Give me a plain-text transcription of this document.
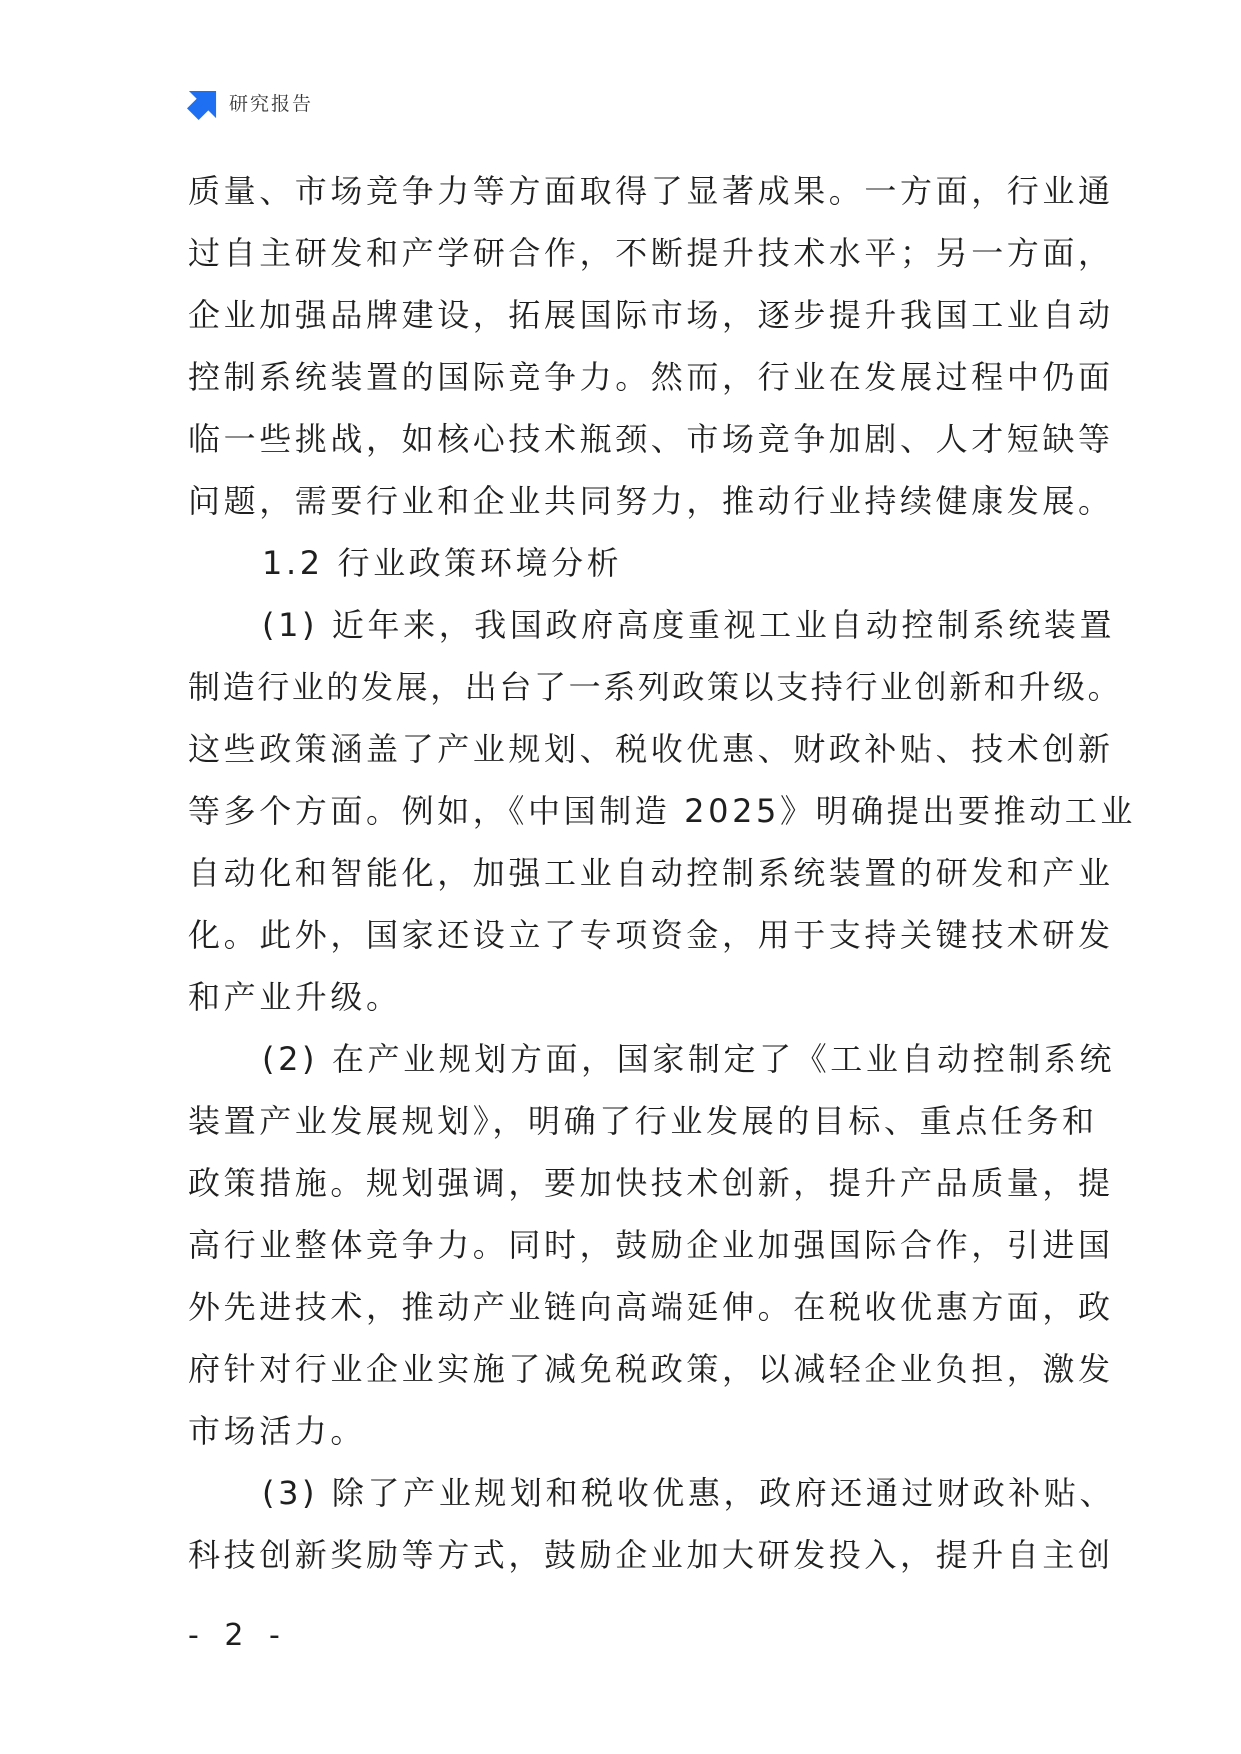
研究报告
质量、市场竞争力等方面取得了显著成果。一方面，行业通
过自主研发和产学研合作，不断提升技术水平；另一方面，
企业加强品牌建设，拓展国际市场，逐步提升我国工业自动
控制系统装置的国际竞争力。然而，行业在发展过程中仍面
临一些挑战，如核心技术瓶颈、市场竞争加剧、人才短缺等
问题，需要行业和企业共同努力，推动行业持续健康发展。
1.2 行业政策环境分析
(1) 近年来，我国政府高度重视工业自动控制系统装置
制造行业的发展，出台了一系列政策以支持行业创新和升级。
这些政策涵盖了产业规划、税收优惠、财政补贴、技术创新
等多个方面。例如，《中国制造 2025》明确提出要推动工业
自动化和智能化，加强工业自动控制系统装置的研发和产业
化。此外，国家还设立了专项资金，用于支持关键技术研发
和产业升级。
(2) 在产业规划方面，国家制定了《工业自动控制系统
装置产业发展规划》，明确了行业发展的目标、重点任务和
政策措施。规划强调，要加快技术创新，提升产品质量，提
高行业整体竞争力。同时，鼓励企业加强国际合作，引进国
外先进技术，推动产业链向高端延伸。在税收优惠方面，政
府针对行业企业实施了减免税政策，以减轻企业负担，激发
市场活力。
(3) 除了产业规划和税收优惠，政府还通过财政补贴、
科技创新奖励等方式，鼓励企业加大研发投入，提升自主创
- 2 -
